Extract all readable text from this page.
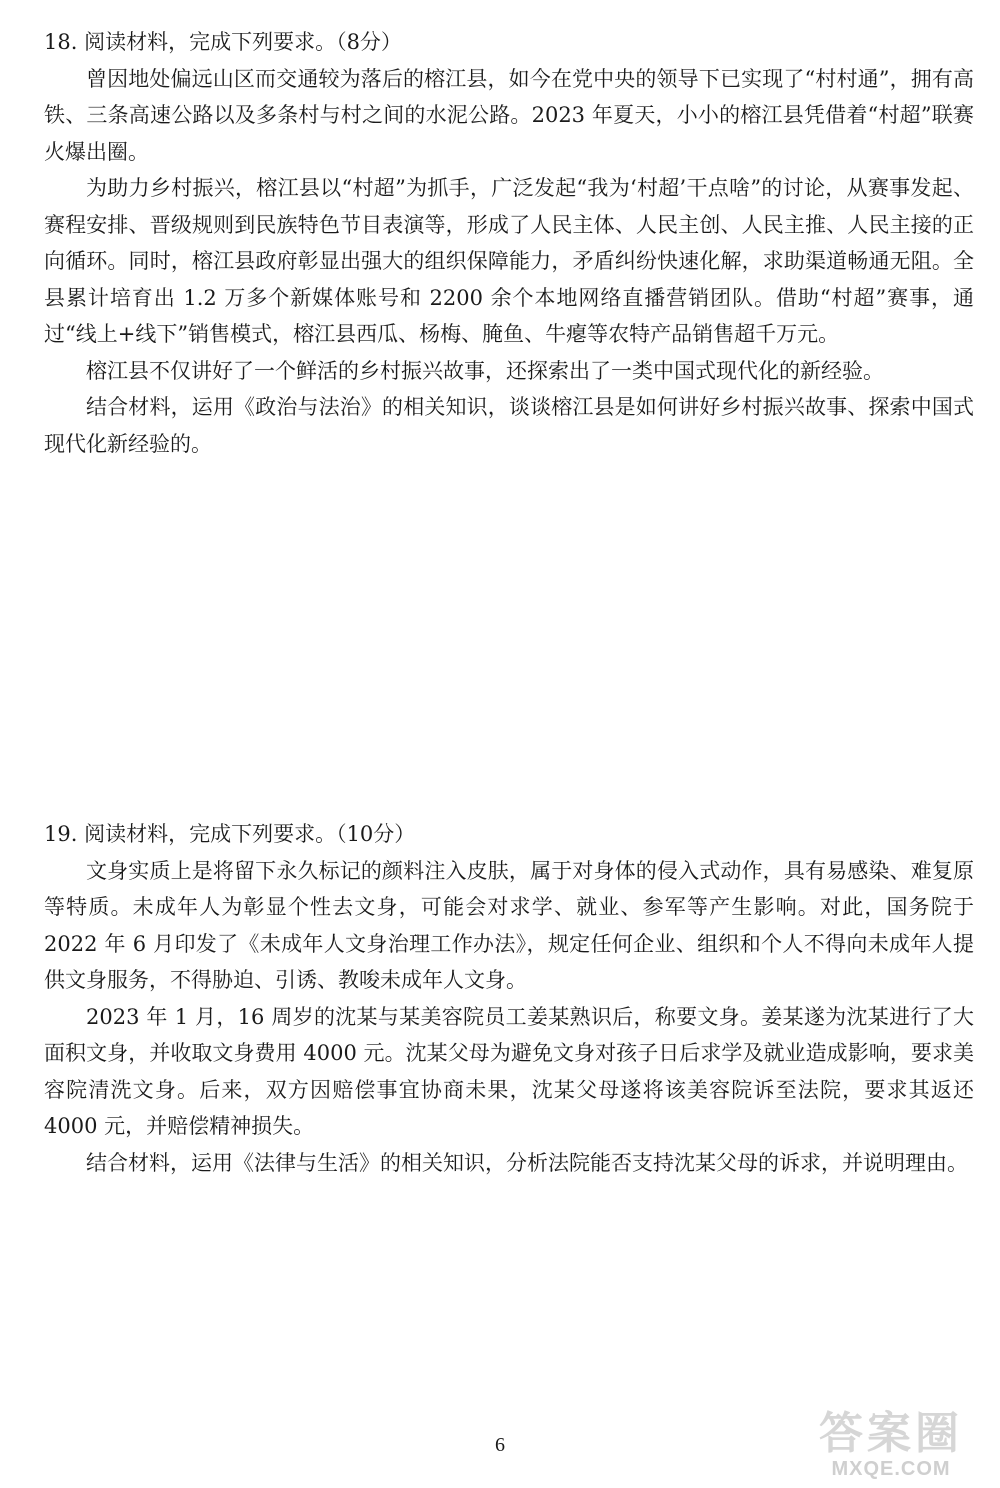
18. 阅读材料，完成下列要求。（8分）

曾因地处偏远山区而交通较为落后的榕江县，如今在党中央的领导下已实现了“村村通”，拥有高铁、三条高速公路以及多条村与村之间的水泥公路。2023 年夏天，小小的榕江县凭借着“村超”联赛火爆出圈。

为助力乡村振兴，榕江县以“村超”为抓手，广泛发起“我为‘村超’干点啥”的讨论，从赛事发起、赛程安排、晋级规则到民族特色节目表演等，形成了人民主体、人民主创、人民主推、人民主接的正向循环。同时，榕江县政府彰显出强大的组织保障能力，矛盾纠纷快速化解，求助渠道畅通无阻。全县累计培育出 1.2 万多个新媒体账号和 2200 余个本地网络直播营销团队。借助“村超”赛事，通过“线上+线下”销售模式，榕江县西瓜、杨梅、腌鱼、牛瘪等农特产品销售超千万元。

榕江县不仅讲好了一个鲜活的乡村振兴故事，还探索出了一类中国式现代化的新经验。

结合材料，运用《政治与法治》的相关知识，谈谈榕江县是如何讲好乡村振兴故事、探索中国式现代化新经验的。

19. 阅读材料，完成下列要求。（10分）

文身实质上是将留下永久标记的颜料注入皮肤，属于对身体的侵入式动作，具有易感染、难复原等特质。未成年人为彰显个性去文身，可能会对求学、就业、参军等产生影响。对此，国务院于 2022 年 6 月印发了《未成年人文身治理工作办法》，规定任何企业、组织和个人不得向未成年人提供文身服务，不得胁迫、引诱、教唆未成年人文身。

2023 年 1 月，16 周岁的沈某与某美容院员工姜某熟识后，称要文身。姜某遂为沈某进行了大面积文身，并收取文身费用 4000 元。沈某父母为避免文身对孩子日后求学及就业造成影响，要求美容院清洗文身。后来，双方因赔偿事宜协商未果，沈某父母遂将该美容院诉至法院，要求其返还 4000 元，并赔偿精神损失。

结合材料，运用《法律与生活》的相关知识，分析法院能否支持沈某父母的诉求，并说明理由。

6	答案圈
MXQE.COM
